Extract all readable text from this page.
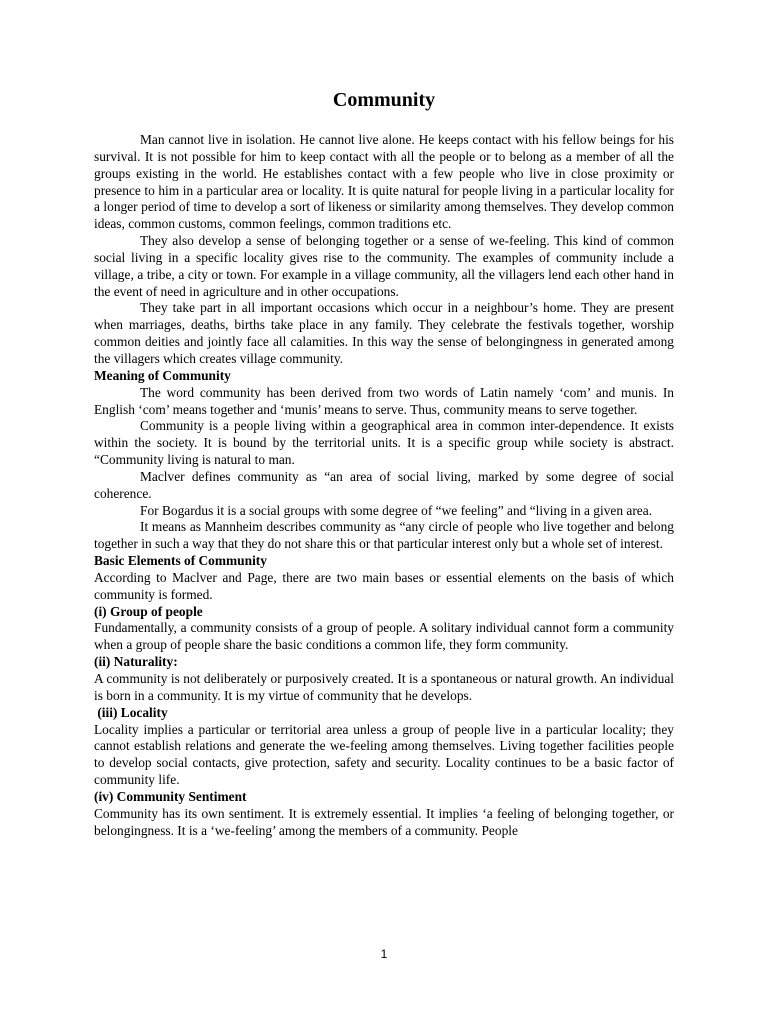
Community

Man cannot live in isolation. He cannot live alone. He keeps contact with his fellow beings for his survival. It is not possible for him to keep contact with all the people or to belong as a member of all the groups existing in the world. He establishes contact with a few people who live in close proximity or presence to him in a particular area or locality. It is quite natural for people living in a particular locality for a longer period of time to develop a sort of likeness or similarity among themselves. They develop common ideas, common customs, common feelings, common traditions etc.

They also develop a sense of belonging together or a sense of we-feeling. This kind of common social living in a specific locality gives rise to the community. The examples of community include a village, a tribe, a city or town. For example in a village community, all the villagers lend each other hand in the event of need in agriculture and in other occupations.

They take part in all important occasions which occur in a neighbour’s home. They are present when marriages, deaths, births take place in any family. They celebrate the festivals together, worship common deities and jointly face all calamities. In this way the sense of belongingness in generated among the villagers which creates village community.

Meaning of Community

The word community has been derived from two words of Latin namely ‘com’ and munis. In English ‘com’ means together and ‘munis’ means to serve. Thus, community means to serve together.

Community is a people living within a geographical area in common inter-dependence. It exists within the society. It is bound by the territorial units. It is a specific group while society is abstract. “Community living is natural to man.

Maclver defines community as “an area of social living, marked by some degree of social coherence.

For Bogardus it is a social groups with some degree of “we feeling” and “living in a given area.

It means as Mannheim describes community as “any circle of people who live together and belong together in such a way that they do not share this or that particular interest only but a whole set of interest.

Basic Elements of Community

According to Maclver and Page, there are two main bases or essential elements on the basis of which community is formed.

(i) Group of people

Fundamentally, a community consists of a group of people. A solitary individual cannot form a community when a group of people share the basic conditions a common life, they form community.

(ii) Naturality:

A community is not deliberately or purposively created. It is a spontaneous or natural growth. An individual is born in a community. It is my virtue of community that he develops.

(iii) Locality

Locality implies a particular or territorial area unless a group of people live in a particular locality; they cannot establish relations and generate the we-feeling among themselves. Living together facilities people to develop social contacts, give protection, safety and security. Locality continues to be a basic factor of community life.

(iv) Community Sentiment

Community has its own sentiment. It is extremely essential. It implies ‘a feeling of belonging together, or belongingness. It is a ‘we-feeling’ among the members of a community. People

1
